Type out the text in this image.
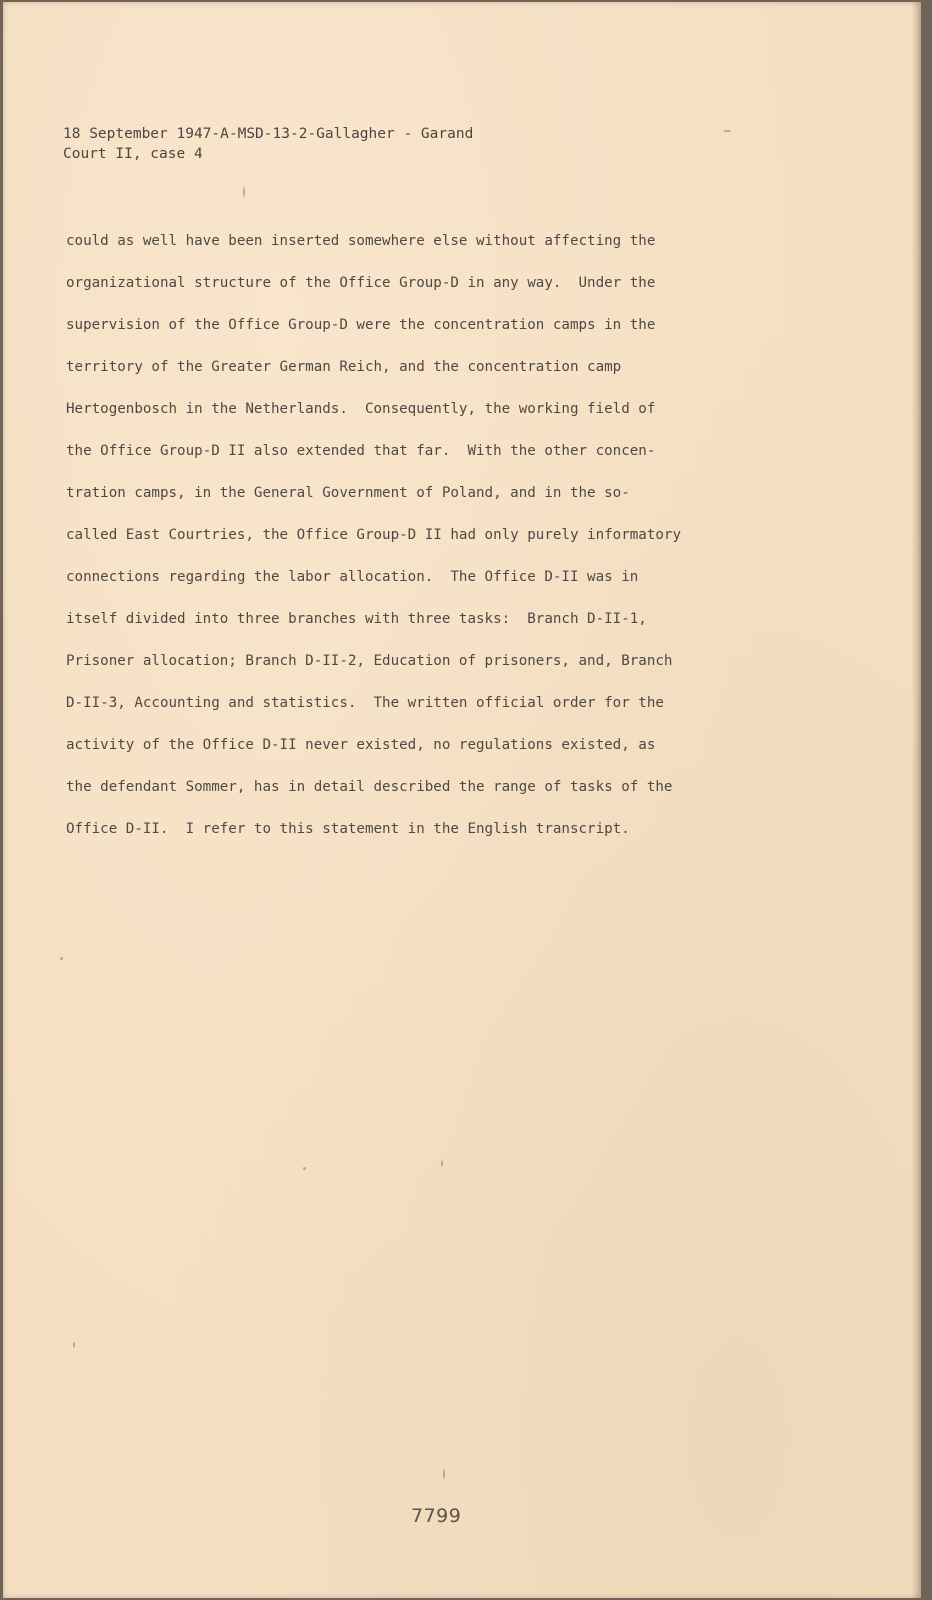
18 September 1947-A-MSD-13-2-Gallagher - Garand
Court II, case 4
could as well have been inserted somewhere else without affecting the
organizational structure of the Office Group-D in any way.  Under the
supervision of the Office Group-D were the concentration camps in the
territory of the Greater German Reich, and the concentration camp
Hertogenbosch in the Netherlands.  Consequently, the working field of
the Office Group-D II also extended that far.  With the other concen-
tration camps, in the General Government of Poland, and in the so-
called East Courtries, the Office Group-D II had only purely informatory
connections regarding the labor allocation.  The Office D-II was in
itself divided into three branches with three tasks:  Branch D-II-1,
Prisoner allocation; Branch D-II-2, Education of prisoners, and, Branch
D-II-3, Accounting and statistics.  The written official order for the
activity of the Office D-II never existed, no regulations existed, as
the defendant Sommer, has in detail described the range of tasks of the
Office D-II.  I refer to this statement in the English transcript.
7799
